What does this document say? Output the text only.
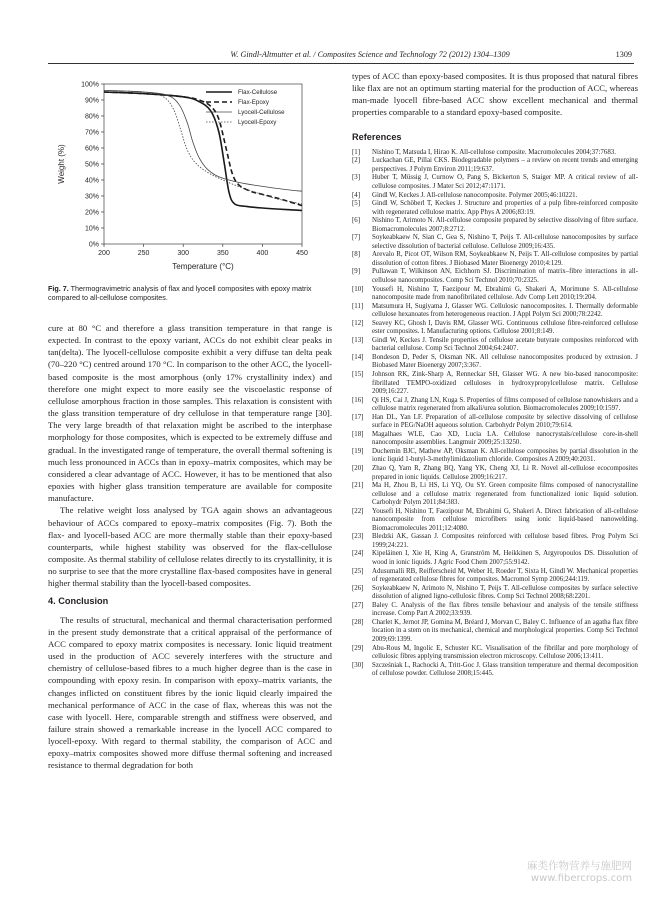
W. Gindl-Altmutter et al. / Composites Science and Technology 72 (2012) 1304–1309	1309
0%
10%
20%
30%
40%
50%
60%
70%
80%
90%
100%
200	250	300	350	400	450
Temperature (°C)
Weight (%)
Flax-Cellulose
Flax-Epoxy
Lyocell-Cellulose
Lyocell-Epoxy
Fig. 7. Thermogravimetric analysis of flax and lyocell composites with epoxy matrix compared to all-cellulose composites.

cure at 80 °C and therefore a glass transition temperature in that range is expected. In contrast to the epoxy variant, ACCs do not exhibit clear peaks in tan(delta). The lyocell-cellulose composite exhibit a very diffuse tan delta peak (70–220 °C) centred around 170 °C. In comparison to the other ACC, the lyocell-based composite is the most amorphous (only 17% crystallinity index) and therefore one might expect to more easily see the viscoelastic response of cellulose amorphous fraction in those samples. This relaxation is consistent with the glass transition temperature of dry cellulose in that temperature range [30]. The very large breadth of that relaxation might be ascribed to the interphase morphology for those composites, which is expected to be extremely diffuse and gradual. In the investigated range of temperature, the overall thermal softening is much less pronounced in ACCs than in epoxy–matrix composites, which may be considered a clear advantage of ACC. However, it has to be mentioned that also epoxies with higher glass transition temperature are available for composite manufacture.

The relative weight loss analysed by TGA again shows an advantageous behaviour of ACCs compared to epoxy–matrix composites (Fig. 7). Both the flax- and lyocell-based ACC are more thermally stable than their epoxy-based counterparts, while highest stability was observed for the flax-cellulose composite. As thermal stability of cellulose relates directly to its crystallinity, it is no surprise to see that the more crystalline flax-based composites have in general higher thermal stability than the lyocell-based composites.

4. Conclusion

The results of structural, mechanical and thermal characterisation performed in the present study demonstrate that a critical appraisal of the performance of ACC compared to epoxy matrix composites is necessary. Ionic liquid treatment used in the production of ACC severely interferes with the structure and chemistry of cellulose-based fibres to a much higher degree than is the case in compounding with epoxy resin. In comparison with epoxy–matrix variants, the changes inflicted on constituent fibres by the ionic liquid clearly impaired the mechanical performance of ACC in the case of flax, whereas this was not the case with lyocell. Here, comparable strength and stiffness were observed, and failure strain showed a remarkable increase in the lyocell ACC compared to lyocell-epoxy. With regard to thermal stability, the comparison of ACC and epoxy–matrix composites showed more diffuse thermal softening and increased resistance to thermal degradation for both

types of ACC than epoxy-based composites. It is thus proposed that natural fibres like flax are not an optimum starting material for the production of ACC, whereas man-made lyocell fibre-based ACC show excellent mechanical and thermal properties comparable to a standard epoxy-based composite.

References
[1] Nishino T, Matsuda I, Hirao K. All-cellulose composite. Macromolecules 2004;37:7683.
[2] Luckachan GE, Pillai CKS. Biodegradable polymers – a review on recent trends and emerging perspectives. J Polym Environ 2011;19:637.
[3] Huber T, Müssig J, Curnow O, Pang S, Bickerton S, Staiger MP. A critical review of all-cellulose composites. J Mater Sci 2012;47:1171.
[4] Gindl W, Keckes J. All-cellulose nanocomposite. Polymer 2005;46:10221.
[5] Gindl W, Schöberl T, Keckes J. Structure and properties of a pulp fibre-reinforced composite with regenerated cellulose matrix. App Phys A 2006;83:19.
[6] Nishino T, Arimoto N. All-cellulose composite prepared by selective dissolving of fibre surface. Biomacromolecules 2007;8:2712.
[7] Soykeabkaew N, Sian C, Gea S, Nishino T, Peijs T. All-cellulose nanocomposites by surface selective dissolution of bacterial cellulose. Cellulose 2009;16:435.
[8] Arevalo R, Picot OT, Wilson RM, Soykeabkaew N, Peijs T. All-cellulose composites by partial dissolution of cotton fibres. J Biobased Mater Bioenergy 2010;4:129.
[9] Pullawan T, Wilkinson AN, Eichhorn SJ. Discrimination of matrix–fibre interactions in all-cellulose nanocomposites. Comp Sci Technol 2010;70:2325.
[10] Yousefi H, Nishino T, Faezipour M, Ebrahimi G, Shakeri A, Morimune S. All-cellulose nanocomposite made from nanofibrilated cellulose. Adv Comp Lett 2010;19:204.
[11] Matsumura H, Sugiyama J, Glasser WG. Cellulosic nanocomposites. I. Thermally deformable cellulose hexanoates from heterogeneous reaction. J Appl Polym Sci 2000;78:2242.
[12] Seavey KC, Ghosh I, Davis RM, Glasser WG. Continuous cellulose fibre-reinforced cellulose ester composites. I. Manufacturing options. Cellulose 2001;8:149.
[13] Gindl W, Keckes J. Tensile properties of cellulose acetate butyrate composites reinforced with bacterial cellulose. Comp Sci Technol 2004;64:2407.
[14] Bondeson D, Peder S, Oksman NK. All cellulose nanocomposites produced by extrusion. J Biobased Mater Bioenergy 2007;3:367.
[15] Johnson RK, Zink-Sharp A, Renneckar SH, Glasser WG. A new bio-based nanocomposite: fibrillated TEMPO-oxidized celluloses in hydroxypropylcellulose matrix. Cellulose 2009;16:227.
[16] Qi HS, Cai J, Zhang LN, Kuga S. Properties of films composed of cellulose nanowhiskers and a cellulose matrix regenerated from alkali/urea solution. Biomacromolecules 2009;10:1597.
[17] Han DL, Yan LF. Preparation of all-cellulose composite by selective dissolving of cellulose surface in PEG/NaOH aqueous solution. Carbohydr Polym 2010;79:614.
[18] Magalhaes WLE, Cao XD, Lucia LA. Cellulose nanocrystals/cellulose core-in-shell nanocomposite assemblies. Langmuir 2009;25:13250.
[19] Duchemin BJC, Mathew AP, Oksman K. All-cellulose composites by partial dissolution in the ionic liquid 1-butyl-3-methylimidazolium chloride. Composites A 2009;40:2031.
[20] Zhao Q, Yam R, Zhang BQ, Yang YK, Cheng XJ, Li R. Novel all-cellulose ecocomposites prepared in ionic liquids. Cellulose 2009;16:217.
[21] Ma H, Zhou B, Li HS, Li YQ, Ou SY. Green composite films composed of nanocrystalline cellulose and a cellulose matrix regenerated from functionalized ionic liquid solution. Carbohydr Polym 2011;84:383.
[22] Yousefi H, Nishino T, Faezipour M, Ebrahimi G, Shakeri A. Direct fabrication of all-cellulose nanocomposite from cellulose microfibers using ionic liquid-based nanowelding. Biomacromolecules 2011;12:4080.
[23] Bledzki AK, Gassan J. Composites reinforced with cellulose based fibres. Prog Polym Sci 1999;24:221.
[24] Kipeläinen I, Xie H, King A, Granström M, Heikkinen S, Argyropoulos DS. Dissolution of wood in ionic liquids. J Agric Food Chem 2007;55:9142.
[25] Adusumalli RB, Reifferscheid M, Weber H, Roeder T, Sixta H, Gindl W. Mechanical properties of regenerated cellulose fibres for composites. Macromol Symp 2006;244:119.
[26] Soykeabkaew N, Arimoto N, Nishino T, Peijs T. All-cellulose composites by surface selective dissolution of aligned ligno-cellulosic fibres. Comp Sci Technol 2008;68:2201.
[27] Baley C. Analysis of the flax fibres tensile behaviour and analysis of the tensile stiffness increase. Comp Part A 2002;33:939.
[28] Charlet K, Jernot JP, Gomina M, Bréard J, Morvan C, Baley C. Influence of an agatha flax fibre location in a stem on its mechanical, chemical and morphological properties. Comp Sci Technol 2009;69:1399.
[29] Abu-Rous M, Ingolic E, Schuster KC. Visualisation of the fibrillar and pore morphology of cellulosic fibres applying transmission electron microscopy. Cellulose 2006;13:411.
[30] Szcześniak L, Rachocki A, Tritt-Goc J. Glass transition temperature and thermal decomposition of cellulose powder. Cellulose 2008;15:445.
麻类作物营养与施肥网
www.fibercrops.com
